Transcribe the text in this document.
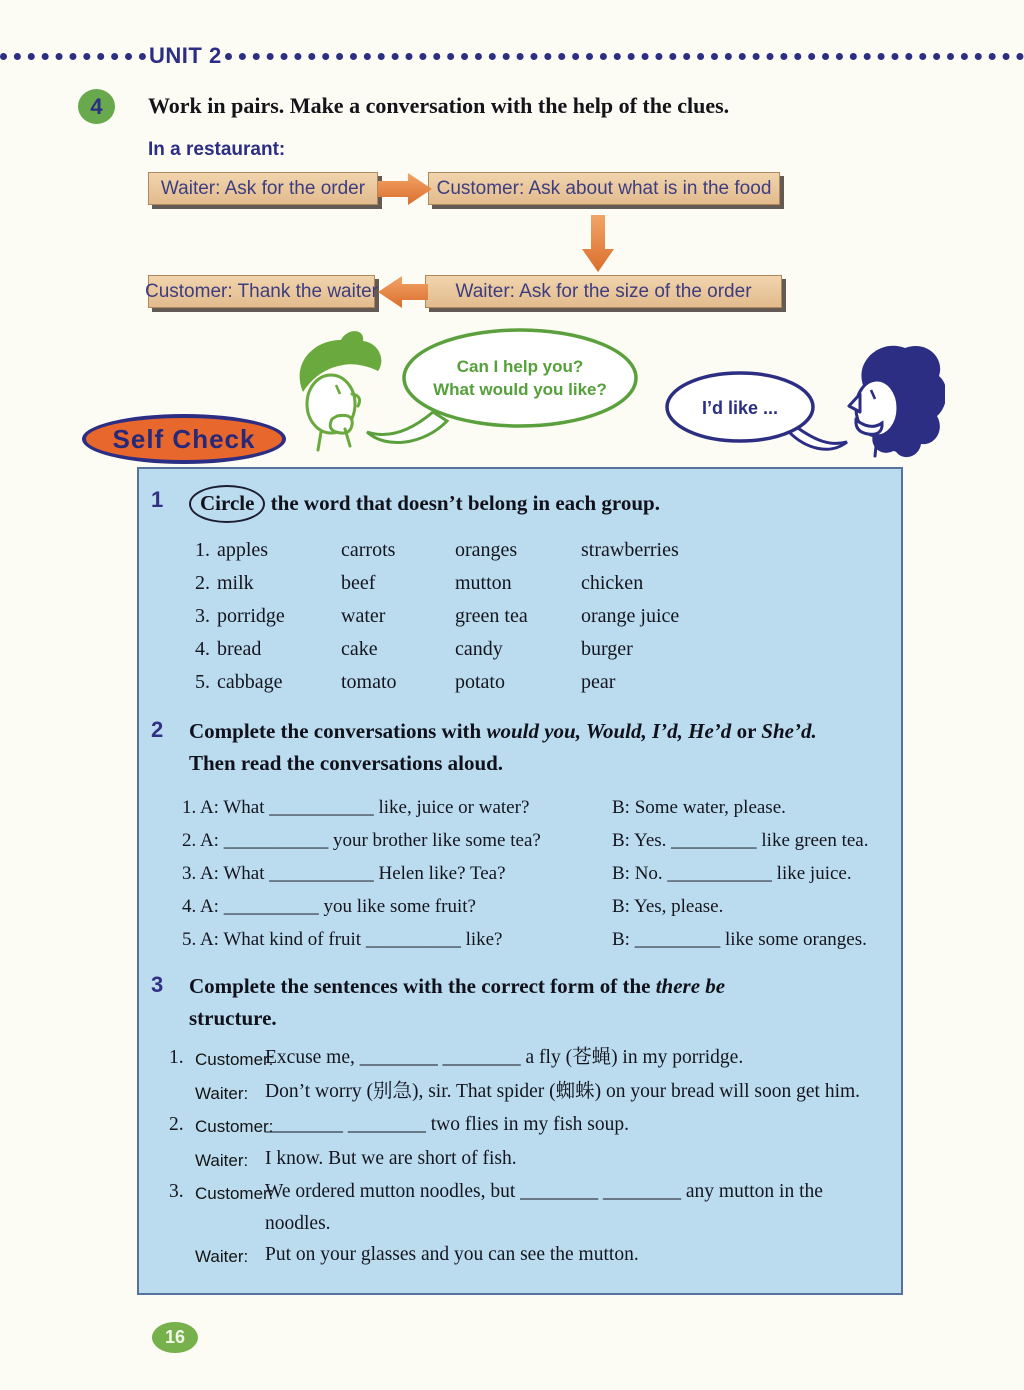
UNIT 2
4	Work in pairs. Make a conversation with the help of the clues.
In a restaurant:
Waiter: Ask for the order	Customer: Ask about what is in the food
Waiter: Ask for the size of the order
Customer: Thank the waiter
Can I help you?
What would you like?
I’d like ...
Self Check
1	Circle the word that doesn’t belong in each group.
1. apples	carrots	oranges	strawberries
2. milk	beef	mutton	chicken
3. porridge	water	green tea	orange juice
4. bread	cake	candy	burger
5. cabbage	tomato	potato	pear
2	Complete the conversations with would you, Would, I’d, He’d or She’d.
Then read the conversations aloud.
1. A: What ___________ like, juice or water?	B: Some water, please.
2. A: ___________ your brother like some tea?	B: Yes. _________ like green tea.
3. A: What ___________ Helen like? Tea?	B: No. ___________ like juice.
4. A: __________ you like some fruit?	B: Yes, please.
5. A: What kind of fruit __________ like?	B: _________ like some oranges.
3	Complete the sentences with the correct form of the there be
structure.
1. Customer:
Excuse me, ________ ________ a fly (苍蝇) in my porridge.
Waiter: Don’t worry (别急), sir. That spider (蜘蛛) on your bread will soon get him.
2. Customer:
________ ________ two flies in my fish soup.
Waiter: I know. But we are short of fish.
3. Customer:
We ordered mutton noodles, but ________ ________ any mutton in the noodles.
Waiter: Put on your glasses and you can see the mutton.
16
